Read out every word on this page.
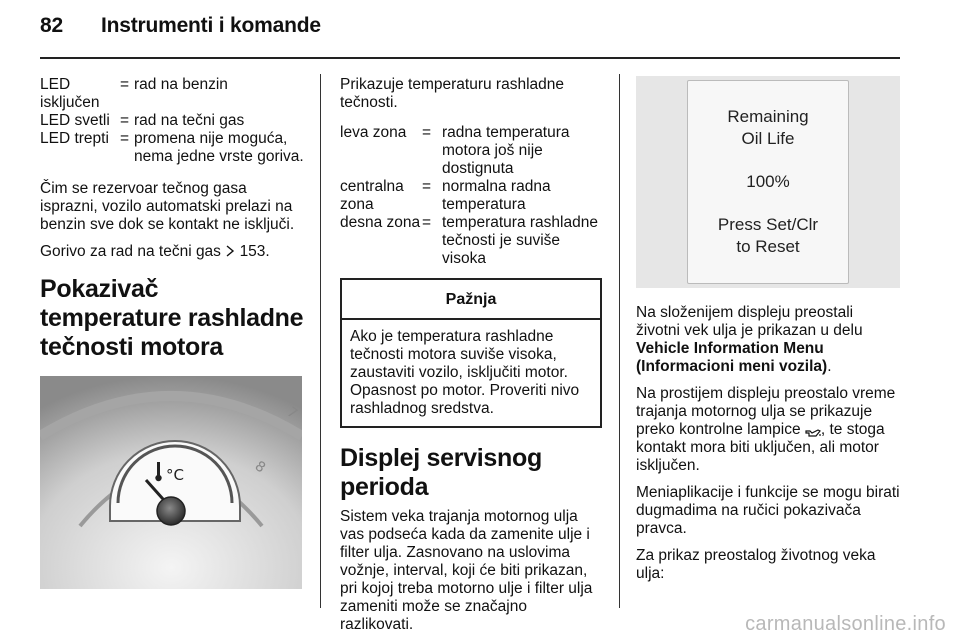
82 Instrumenti i komande
LED isključen
= rad na benzin
LED svetli = rad na tečni gas
LED trepti = promena nije moguća, nema jedne vrste goriva.

Čim se rezervoar tečnog gasa isprazni, vozilo automatski prelazi na benzin sve dok se kontakt ne isključi.

Gorivo za rad na tečni gas 153.

Pokazivač temperature rashladne tečnosti motora
°C
7
8

Prikazuje temperaturu rashladne tečnosti.

leva zona	= radna temperatura motora još nije dostignuta
centralna zona
= normalna radna temperatura
desna zona = temperatura rashladne tečnosti je suviše visoka
Pažnja
Ako je temperatura rashladne tečnosti motora suviše visoka, zaustaviti vozilo, isključiti motor. Opasnost po motor. Proveriti nivo rashladnog sredstva.
Displej servisnog perioda

Sistem veka trajanja motornog ulja vas podseća kada da zamenite ulje i filter ulja. Zasnovano na uslovima vožnje, interval, koji će biti prikazan, pri kojoj treba motorno ulje i filter ulja zameniti može se značajno razlikovati.

Remaining
Oil Life
100%
Press Set/Clr
to Reset

Na složenijem displeju preostali životni vek ulja je prikazan u delu Vehicle Information Menu (Informacioni meni vozila).

Na prostijem displeju preostalo vreme trajanja motornog ulja se prikazuje preko kontrolne lampice , te stoga kontakt mora biti uključen, ali motor isključen.

Meniaplikacije i funkcije se mogu birati dugmadima na ručici pokazivača pravca.

Za prikaz preostalog životnog veka ulja:

carmanualsonline.info
